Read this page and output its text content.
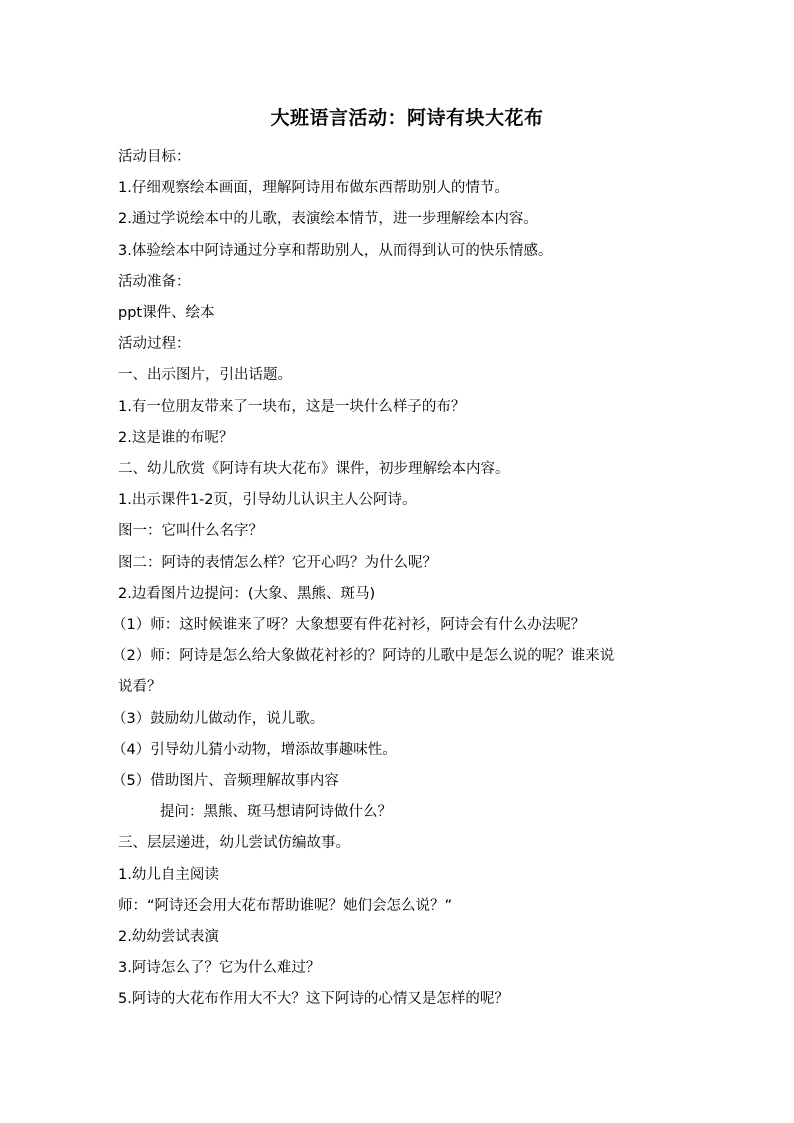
大班语言活动：阿诗有块大花布
活动目标：
1.仔细观察绘本画面，理解阿诗用布做东西帮助别人的情节。
2.通过学说绘本中的儿歌，表演绘本情节，进一步理解绘本内容。
3.体验绘本中阿诗通过分享和帮助别人，从而得到认可的快乐情感。
活动准备：
ppt课件、绘本
活动过程：
一、出示图片，引出话题。
1.有一位朋友带来了一块布，这是一块什么样子的布？
2.这是谁的布呢？
二、幼儿欣赏《阿诗有块大花布》课件，初步理解绘本内容。
1.出示课件1-2页，引导幼儿认识主人公阿诗。
图一：它叫什么名字？
图二：阿诗的表情怎么样？它开心吗？为什么呢？
2.边看图片边提问：(大象、黑熊、斑马)
（1）师：这时候谁来了呀？大象想要有件花衬衫，阿诗会有什么办法呢？
（2）师：阿诗是怎么给大象做花衬衫的？阿诗的儿歌中是怎么说的呢？谁来说
说看？
（3）鼓励幼儿做动作，说儿歌。
（4）引导幼儿猜小动物，增添故事趣味性。
（5）借助图片、音频理解故事内容
提问：黑熊、斑马想请阿诗做什么？
三、层层递进，幼儿尝试仿编故事。
1.幼儿自主阅读
师：“阿诗还会用大花布帮助谁呢？她们会怎么说？”
2.幼幼尝试表演
3.阿诗怎么了？它为什么难过？
5.阿诗的大花布作用大不大？这下阿诗的心情又是怎样的呢？
